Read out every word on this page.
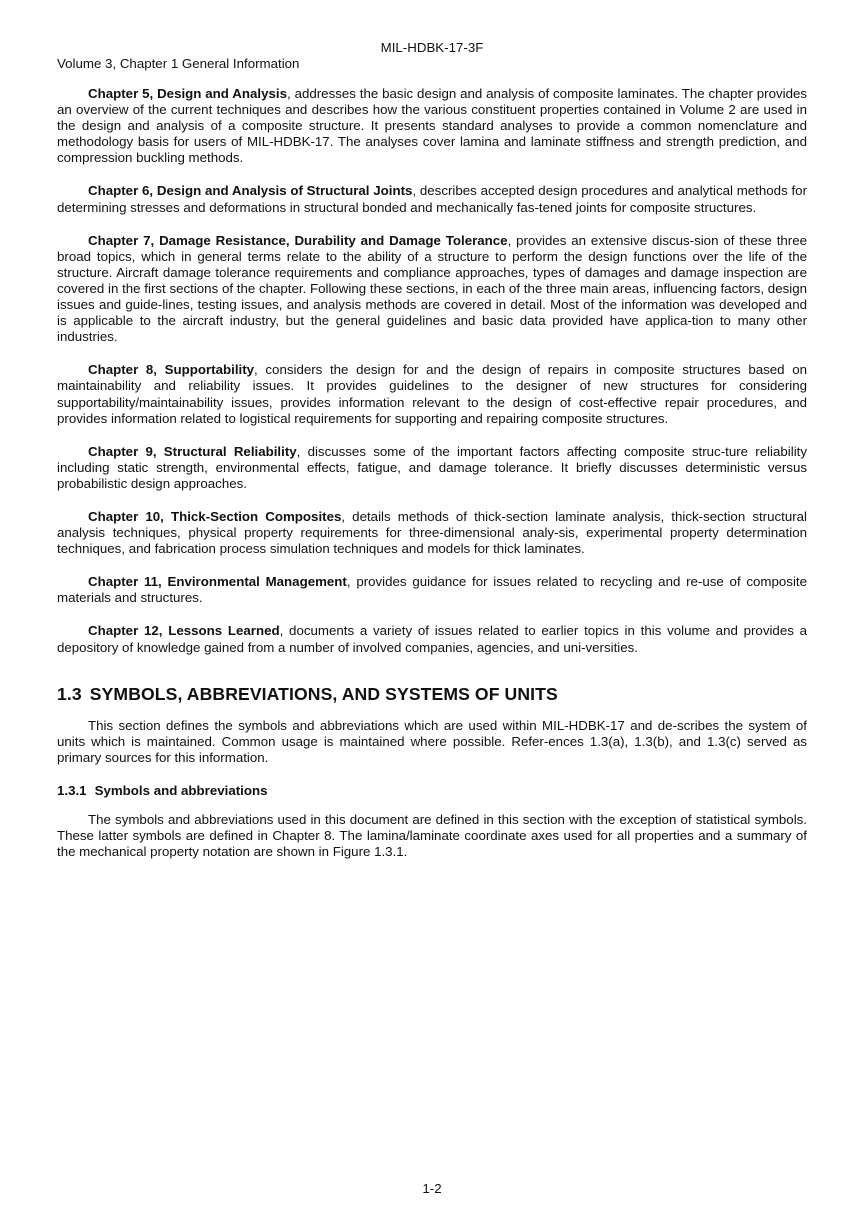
MIL-HDBK-17-3F

Volume 3, Chapter 1 General Information

Chapter 5, Design and Analysis, addresses the basic design and analysis of composite laminates. The chapter provides an overview of the current techniques and describes how the various constituent properties contained in Volume 2 are used in the design and analysis of a composite structure. It presents standard analyses to provide a common nomenclature and methodology basis for users of MIL-HDBK-17. The analyses cover lamina and laminate stiffness and strength prediction, and compression buckling methods.

Chapter 6, Design and Analysis of Structural Joints, describes accepted design procedures and analytical methods for determining stresses and deformations in structural bonded and mechanically fas-tened joints for composite structures.

Chapter 7, Damage Resistance, Durability and Damage Tolerance, provides an extensive discus-sion of these three broad topics, which in general terms relate to the ability of a structure to perform the design functions over the life of the structure. Aircraft damage tolerance requirements and compliance approaches, types of damages and damage inspection are covered in the first sections of the chapter. Following these sections, in each of the three main areas, influencing factors, design issues and guide-lines, testing issues, and analysis methods are covered in detail. Most of the information was developed and is applicable to the aircraft industry, but the general guidelines and basic data provided have applica-tion to many other industries.

Chapter 8, Supportability, considers the design for and the design of repairs in composite structures based on maintainability and reliability issues. It provides guidelines to the designer of new structures for considering supportability/maintainability issues, provides information relevant to the design of cost-effective repair procedures, and provides information related to logistical requirements for supporting and repairing composite structures.

Chapter 9, Structural Reliability, discusses some of the important factors affecting composite struc-ture reliability including static strength, environmental effects, fatigue, and damage tolerance. It briefly discusses deterministic versus probabilistic design approaches.

Chapter 10, Thick-Section Composites, details methods of thick-section laminate analysis, thick-section structural analysis techniques, physical property requirements for three-dimensional analy-sis, experimental property determination techniques, and fabrication process simulation techniques and models for thick laminates.

Chapter 11, Environmental Management, provides guidance for issues related to recycling and re-use of composite materials and structures.

Chapter 12, Lessons Learned, documents a variety of issues related to earlier topics in this volume and provides a depository of knowledge gained from a number of involved companies, agencies, and uni-versities.

1.3 SYMBOLS, ABBREVIATIONS, AND SYSTEMS OF UNITS

This section defines the symbols and abbreviations which are used within MIL-HDBK-17 and de-scribes the system of units which is maintained. Common usage is maintained where possible. Refer-ences 1.3(a), 1.3(b), and 1.3(c) served as primary sources for this information.

1.3.1 Symbols and abbreviations

The symbols and abbreviations used in this document are defined in this section with the exception of statistical symbols. These latter symbols are defined in Chapter 8. The lamina/laminate coordinate axes used for all properties and a summary of the mechanical property notation are shown in Figure 1.3.1.

1-2
